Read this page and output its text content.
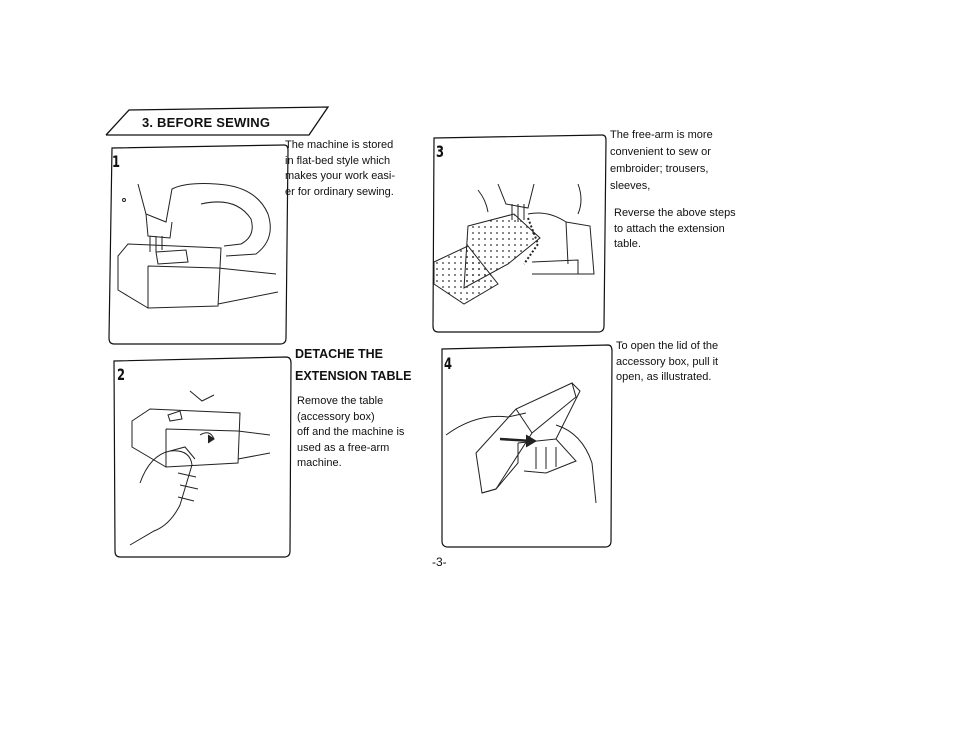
3. BEFORE SEWING
1
The machine is stored
in flat-bed style which
makes your work easi-
er for ordinary sewing.
2
DETACHE THE
EXTENSION TABLE
Remove the table
(accessory box)
off and the machine is
used as a free-arm
machine.
3
The free-arm is more
convenient to sew or
embroider; trousers,
sleeves,
Reverse the above steps
to attach the extension
table.
4
To open the lid of the
accessory box, pull it
open, as illustrated.
-3-
